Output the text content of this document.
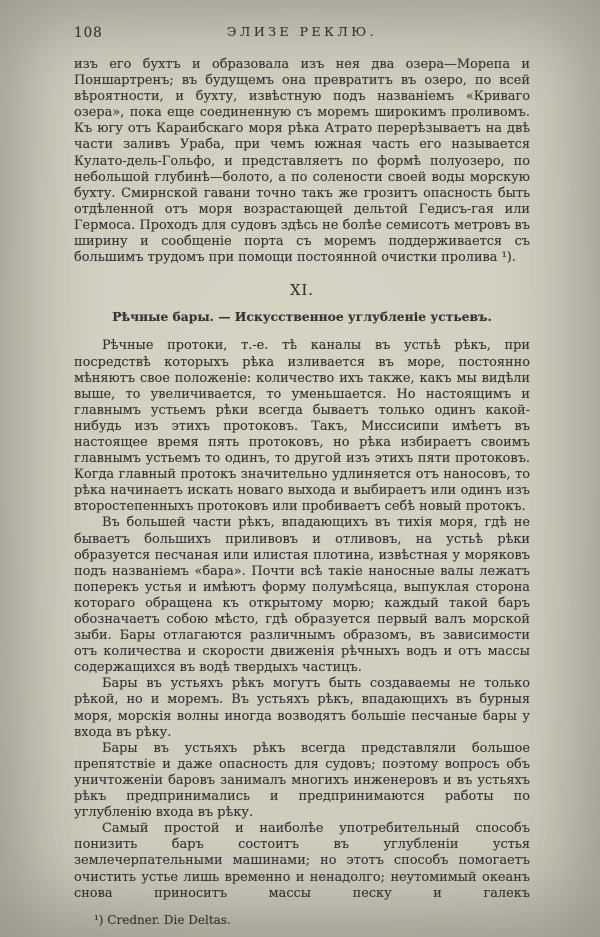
108	ЭЛИЗЕ РЕКЛЮ.

изъ его бухтъ и образовала изъ нея два озера—Морепа и Поншартренъ; въ будущемъ она превратитъ въ озеро, по всей вѣроятности, и бухту, извѣстную подъ названіемъ «Криваго озера», пока еще соединенную съ моремъ широкимъ проливомъ. Къ югу отъ Караибскаго моря рѣка Атрато перерѣзываетъ на двѣ части заливъ Ураба, при чемъ южная часть его называется Кулато-дель-Гольфо, и представляетъ по формѣ полуозеро, по небольшой глубинѣ—болото, а по солености своей воды морскую бухту. Смирнской гавани точно такъ же грозитъ опасность быть отдѣленной отъ моря возрастающей дельтой Гедисъ-гая или Гермоса. Проходъ для судовъ здѣсь не болѣе семисотъ метровъ въ ширину и сообщеніе порта съ моремъ поддерживается съ большимъ трудомъ при помощи постоянной очистки пролива ¹).

XI.
Рѣчные бары. — Искусственное углубленіе устьевъ.

Рѣчные протоки, т.-е. тѣ каналы въ устьѣ рѣкъ, при посредствѣ которыхъ рѣка изливается въ море, постоянно мѣняютъ свое положеніе: количество ихъ также, какъ мы видѣли выше, то увеличивается, то уменьшается. Но настоящимъ и главнымъ устьемъ рѣки всегда бываетъ только одинъ какой-нибудь изъ этихъ протоковъ. Такъ, Миссисипи имѣетъ въ настоящее время пять протоковъ, но рѣка избираетъ своимъ главнымъ устьемъ то одинъ, то другой изъ этихъ пяти протоковъ. Когда главный протокъ значительно удлиняется отъ наносовъ, то рѣка начинаетъ искать новаго выхода и выбираетъ или одинъ изъ второстепенныхъ протоковъ или пробиваетъ себѣ новый протокъ.

Въ большей части рѣкъ, впадающихъ въ тихія моря, гдѣ не бываетъ большихъ приливовъ и отливовъ, на устьѣ рѣки образуется песчаная или илистая плотина, извѣстная у моряковъ подъ названіемъ «бара». Почти всѣ такіе наносные валы лежатъ поперекъ устья и имѣютъ форму полумѣсяца, выпуклая сторона котораго обращена къ открытому морю; каждый такой баръ обозначаетъ собою мѣсто, гдѣ образуется первый валъ морской зыби. Бары отлагаются различнымъ образомъ, въ зависимости отъ количества и скорости движенія рѣчныхъ водъ и отъ массы содержащихся въ водѣ твердыхъ частицъ.

Бары въ устьяхъ рѣкъ могутъ быть создаваемы не только рѣкой, но и моремъ. Въ устьяхъ рѣкъ, впадающихъ въ бурныя моря, морскія волны иногда возводятъ большіе песчаные бары у входа въ рѣку.

Бары въ устьяхъ рѣкъ всегда представляли большое препятствіе и даже опасность для судовъ; поэтому вопросъ объ уничтоженіи баровъ занималъ многихъ инженеровъ и въ устьяхъ рѣкъ предпринимались и предпринимаются работы по углубленію входа въ рѣку.

Самый простой и наиболѣе употребительный способъ понизить баръ состоитъ въ углубленіи устья землечерпательными машинами; но этотъ способъ помогаетъ очистить устье лишь временно и ненадолго; неутомимый океанъ снова приноситъ массы песку и галекъ

¹) Credner. Die Deltas.
